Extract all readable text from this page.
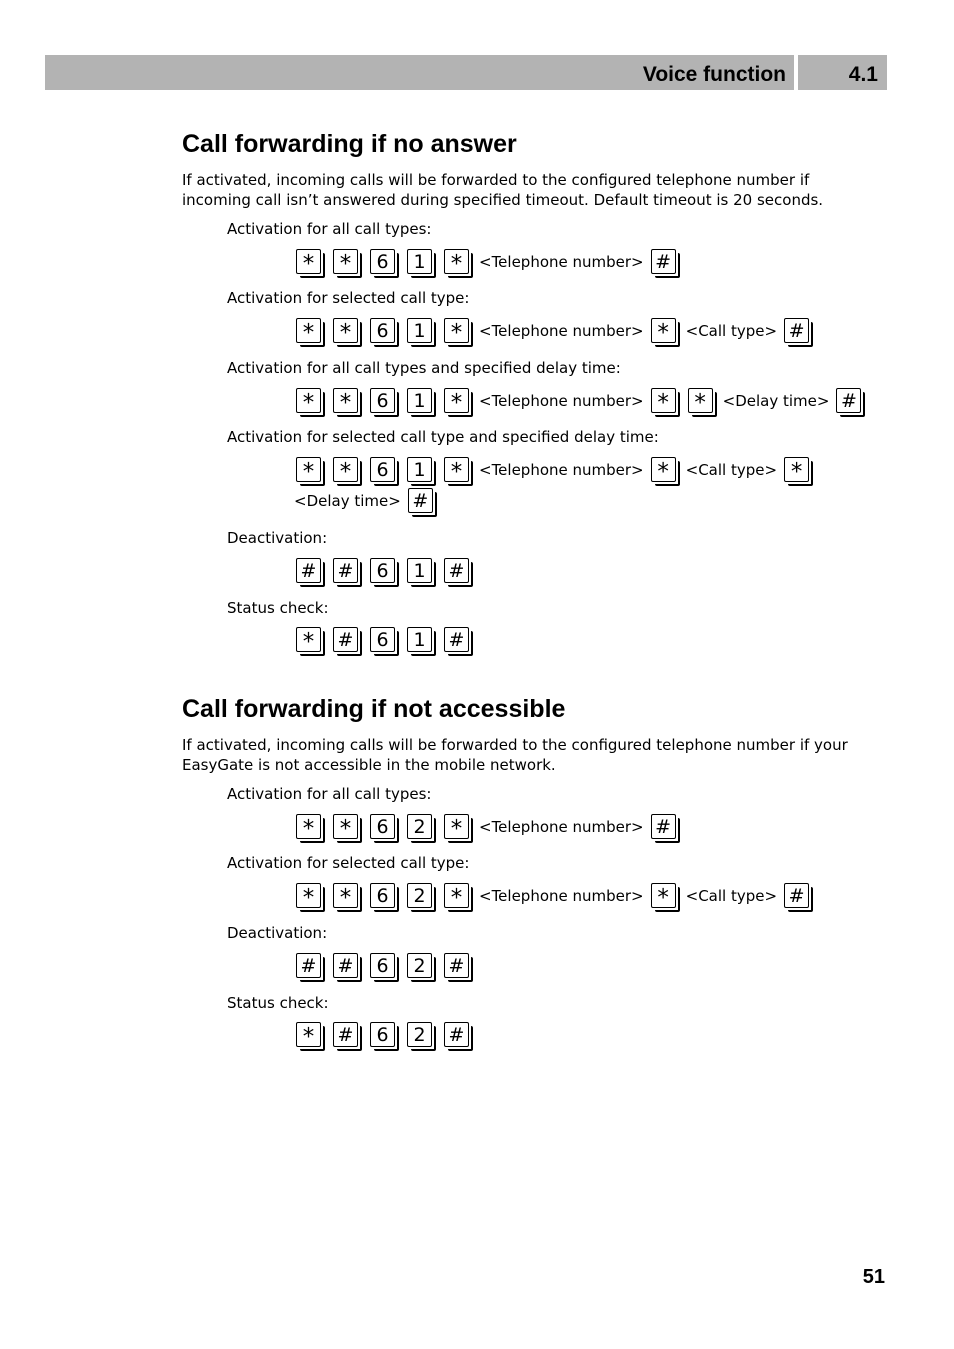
Voice function	4.1
Call forwarding if no answer

If activated, incoming calls will be forwarded to the configured telephone number if incoming call isn’t answered during specified timeout. Default timeout is 20 seconds.

Activation for all call types:

* *	6	1 *	<Telephone number> #

Activation for selected call type:

* *	6	1 *	<Telephone number> *	<Call type> #

Activation for all call types and specified delay time:

* *	6	1 *	<Telephone number> * *	<Delay time> #

Activation for selected call type and specified delay time:

* *	6	1 *	<Telephone number> *	<Call type> *
<Delay time> #

Deactivation:

# #	6	1	#

Status check:

*	#	6	1	#
Call forwarding if not accessible

If activated, incoming calls will be forwarded to the configured telephone number if your EasyGate is not accessible in the mobile network.

Activation for all call types:

* *	6	2 *	<Telephone number> #

Activation for selected call type:

* *	6	2 *	<Telephone number> *	<Call type> #

Deactivation:

# #	6	2	#

Status check:

*	#	6	2	#
51
